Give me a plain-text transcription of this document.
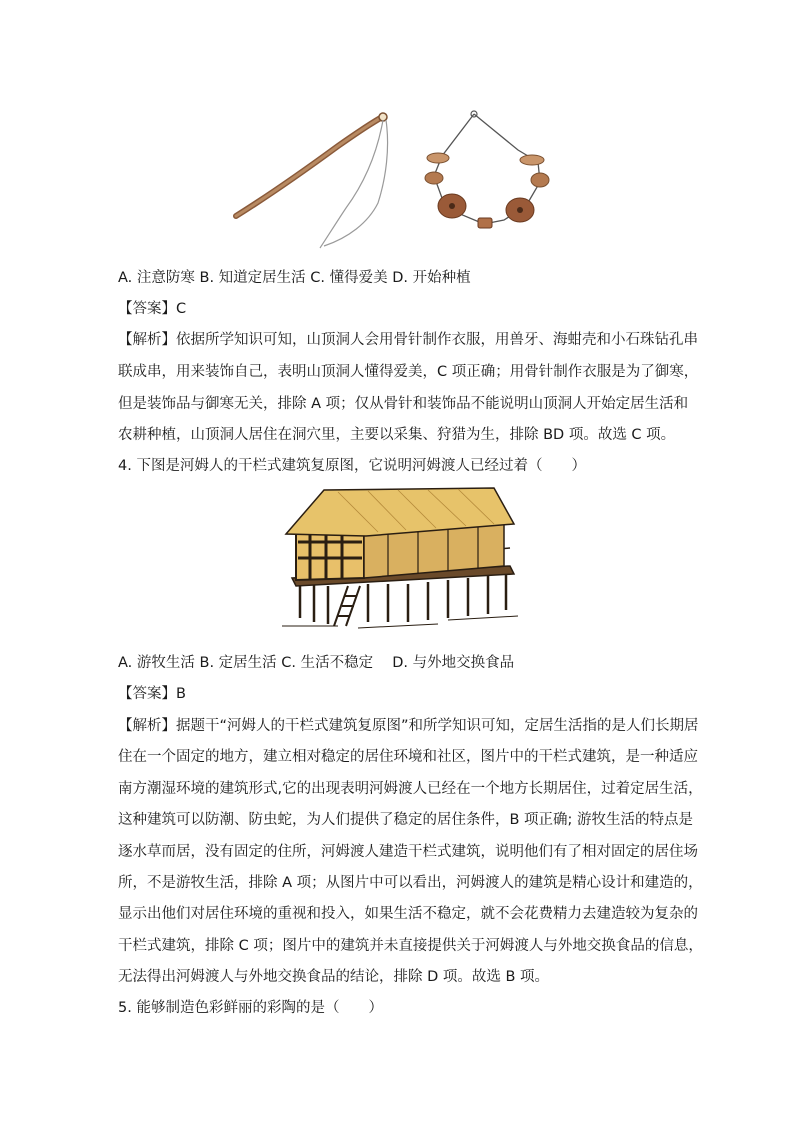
A. 注意防寒 B. 知道定居生活 C. 懂得爱美 D. 开始种植
【答案】C
【解析】依据所学知识可知，山顶洞人会用骨针制作衣服，用兽牙、海蚶壳和小石珠钻孔串
联成串，用来装饰自己，表明山顶洞人懂得爱美，C 项正确；用骨针制作衣服是为了御寒，
但是装饰品与御寒无关，排除 A 项；仅从骨针和装饰品不能说明山顶洞人开始定居生活和
农耕种植，山顶洞人居住在洞穴里，主要以采集、狩猎为生，排除 BD 项。故选 C 项。
4. 下图是河姆人的干栏式建筑复原图，它说明河姆渡人已经过着（　　）
A. 游牧生活 B. 定居生活 C. 生活不稳定　 D. 与外地交换食品
【答案】B
【解析】据题干“河姆人的干栏式建筑复原图”和所学知识可知，定居生活指的是人们长期居
住在一个固定的地方，建立相对稳定的居住环境和社区，图片中的干栏式建筑，是一种适应
南方潮湿环境的建筑形式,它的出现表明河姆渡人已经在一个地方长期居住，过着定居生活，
这种建筑可以防潮、防虫蛇，为人们提供了稳定的居住条件，B 项正确; 游牧生活的特点是
逐水草而居，没有固定的住所，河姆渡人建造干栏式建筑，说明他们有了相对固定的居住场
所，不是游牧生活，排除 A 项；从图片中可以看出，河姆渡人的建筑是精心设计和建造的，
显示出他们对居住环境的重视和投入，如果生活不稳定，就不会花费精力去建造较为复杂的
干栏式建筑，排除 C 项；图片中的建筑并未直接提供关于河姆渡人与外地交换食品的信息，
无法得出河姆渡人与外地交换食品的结论，排除 D 项。故选 B 项。
5. 能够制造色彩鲜丽的彩陶的是（　　）
